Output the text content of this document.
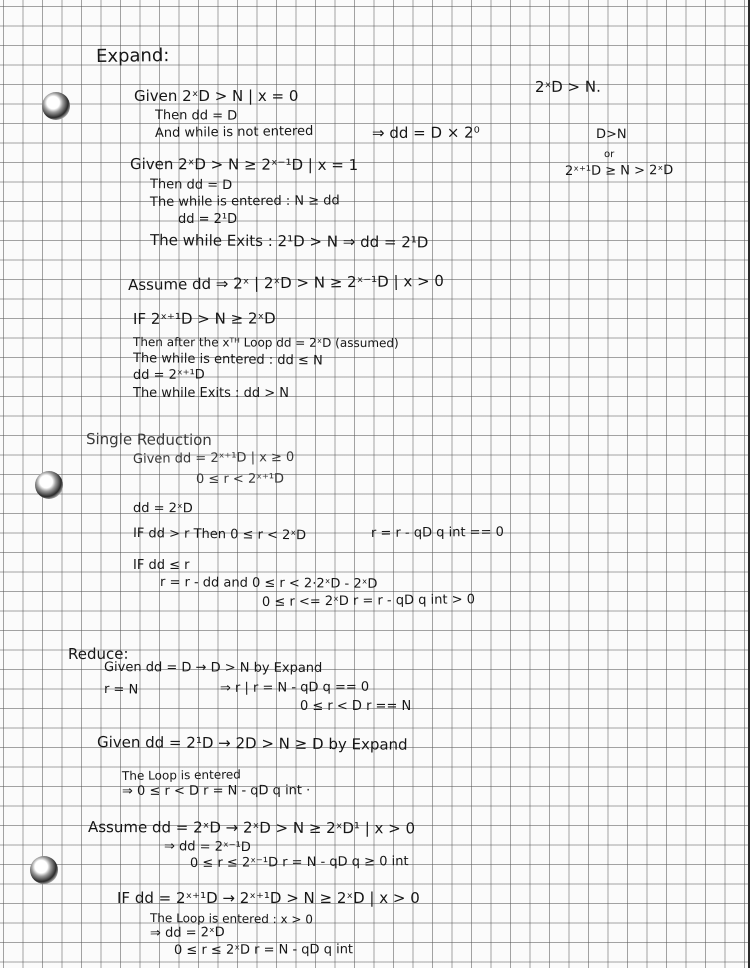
Expand:
2ˣD > N.
D>N
or
2ˣ⁺¹D ≥ N > 2ˣD
Given 2ˣD > N | x = 0
Then dd = D
And while is not entered	⇒ dd = D × 2⁰
Given 2ˣD > N ≥ 2ˣ⁻¹D | x = 1
Then dd = D
The while is entered : N ≥ dd
dd = 2¹D
The while Exits : 2¹D > N ⇒ dd = 2¹D
Assume dd ⇒ 2ˣ | 2ˣD > N ≥ 2ˣ⁻¹D | x > 0
IF 2ˣ⁺¹D > N ≥ 2ˣD
Then after the xᵀᴴ Loop dd = 2ˣD (assumed)
The while is entered : dd ≤ N
dd = 2ˣ⁺¹D
The while Exits : dd > N
Single Reduction
Given dd = 2ˣ⁺¹D | x ≥ 0
0 ≤ r < 2ˣ⁺¹D
dd = 2ˣD
IF dd > r Then 0 ≤ r < 2ˣD	r = r - qD q int == 0
IF dd ≤ r
r = r - dd and 0 ≤ r < 2·2ˣD - 2ˣD
0 ≤ r <= 2ˣD r = r - qD q int > 0
Reduce:
Given dd = D → D > N by Expand
r = N	⇒ r | r = N - qD q == 0
0 ≤ r < D r == N
Given dd = 2¹D → 2D > N ≥ D by Expand
The Loop is entered
⇒ 0 ≤ r < D r = N - qD q int ·
Assume dd = 2ˣD → 2ˣD > N ≥ 2ˣD¹ | x > 0
⇒ dd = 2ˣ⁻¹D
0 ≤ r ≤ 2ˣ⁻¹D r = N - qD q ≥ 0 int
IF dd = 2ˣ⁺¹D → 2ˣ⁺¹D > N ≥ 2ˣD | x > 0
The Loop is entered : x > 0
⇒ dd = 2ˣD
0 ≤ r ≤ 2ˣD r = N - qD q int
